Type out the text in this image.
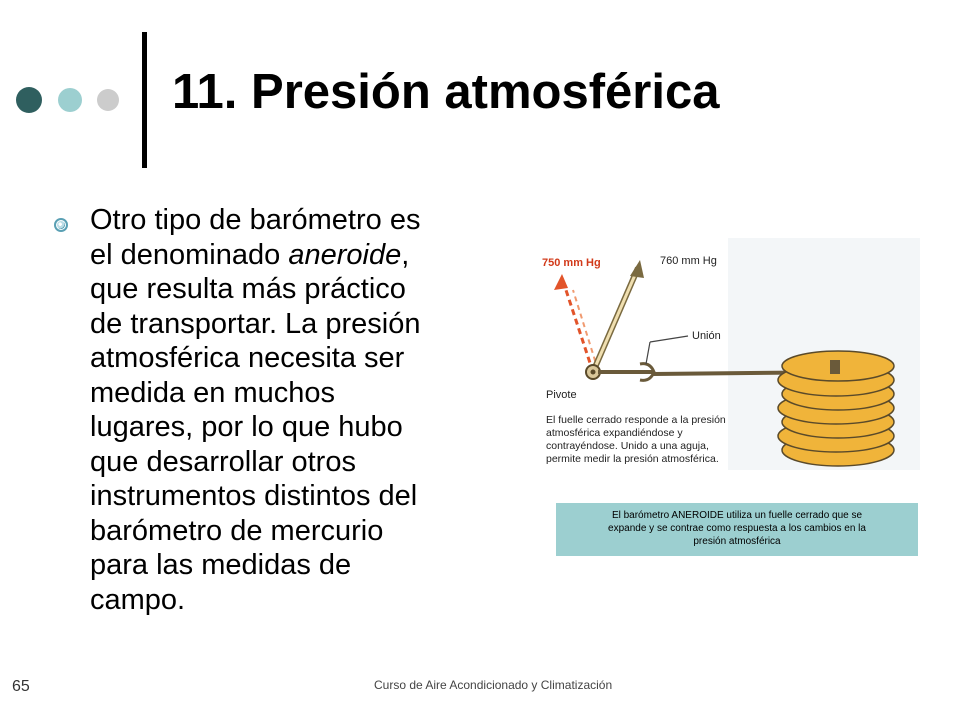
11. Presión atmosférica
Otro tipo de barómetro es
el denominado aneroide,
que resulta más práctico
de transportar. La presión
atmosférica necesita ser
medida en muchos
lugares, por lo que hubo
que desarrollar otros
instrumentos distintos del
barómetro de mercurio
para las medidas de
campo.
750 mm Hg	760 mm Hg
Unión
Pivote
El fuelle cerrado responde a la presión
atmosférica expandiéndose y
contrayéndose. Unido a una aguja,
permite medir la presión atmosférica.
El barómetro ANEROIDE utiliza un fuelle cerrado que se
expande y se contrae como respuesta a los cambios en la
presión atmosférica
65	Curso de Aire Acondicionado y Climatización
